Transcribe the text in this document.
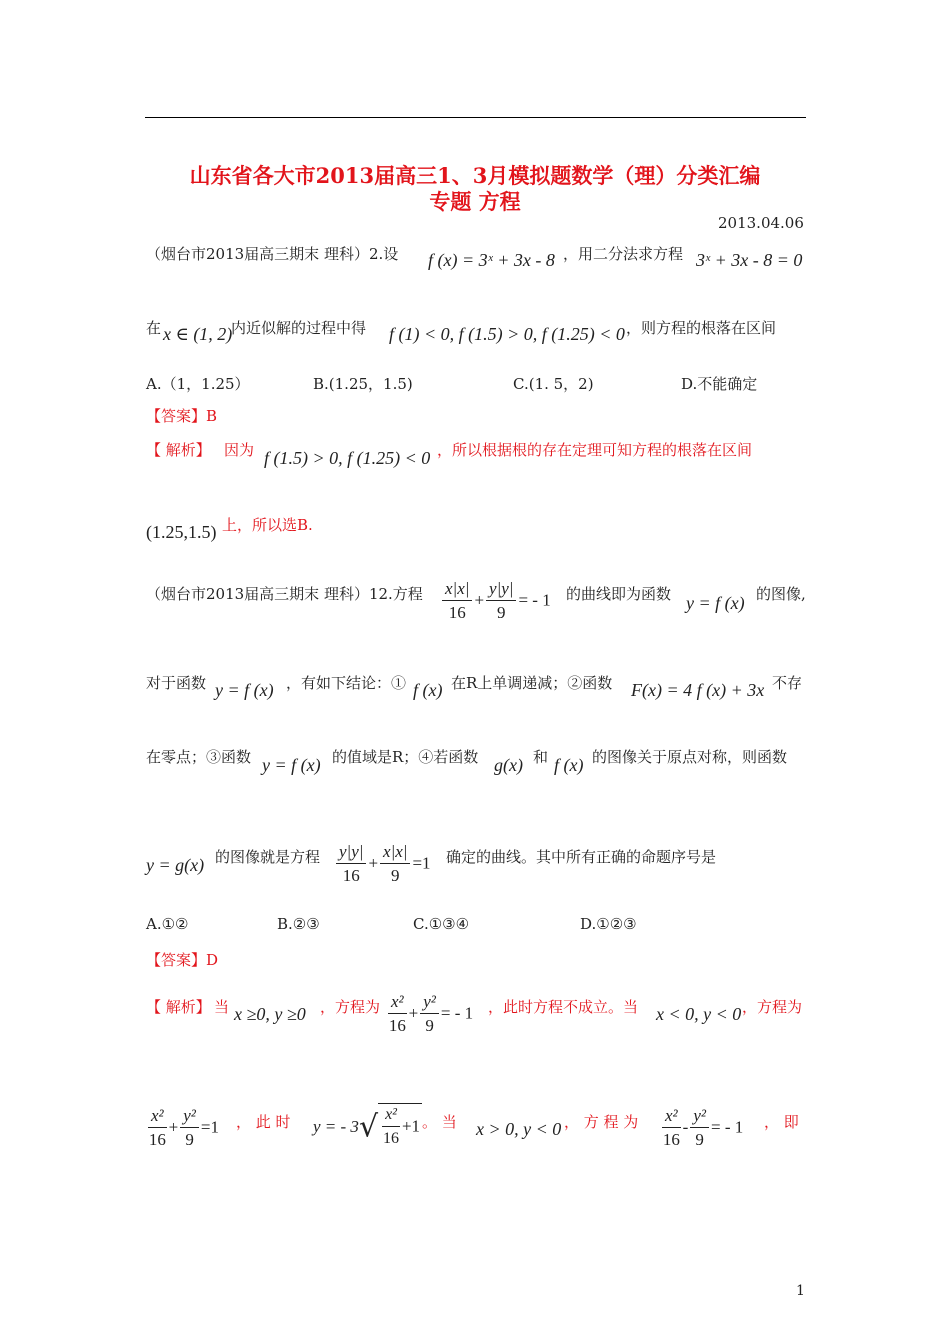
山东省各大市2013届高三1、3月模拟题数学（理）分类汇编
专题 方程
2013.04.06
（烟台市2013届高三期末 理科）2.设 f (x) = 3ˣ + 3x - 8 ，用二分法求方程 3ˣ + 3x - 8 = 0
在 x ∈ (1, 2)
内近似解的过程中得 f (1) < 0, f (1.5) > 0, f (1.25) < 0 ，则方程的根落在区间
A.（1，1.25）	B.(1.25，1.5)	C.(1. 5，2)	D.不能确定
【答案】B
【 解析】 因为 f (1.5) > 0, f (1.25) < 0 ，所以根据根的存在定理可知方程的根落在区间
(1.25,1.5) 上，所以选B.
（烟台市2013届高三期末 理科）12.方程 $\frac{x|x|}{16} + \frac{y|y|}{9}$ = - 1 的曲线即为函数 y = f (x) 的图像,
对于函数 y = f (x) ，有如下结论：① f (x) 在R上单调递减；②函数 F(x) = 4 f (x) + 3x 不存
在零点；③函数 y = f (x) 的值域是R；④若函数 g(x) 和 f (x) 的图像关于原点对称，则函数
y = g(x) 的图像就是方程 $\frac{y|y|}{16} + \frac{x|x|}{9} =1$ 确定的曲线。其中所有正确的命题序号是
A.①②	B.②③	C.①③④	D.①②③
【答案】D
【 解析】 当 x ≥0, y ≥0 ，方程为 $\frac{\text{x²}}{16} + \frac{\text{y²}}{9}$ = - 1 ，此时方程不成立。当 x < 0, y < 0 ，方程为
$\frac{\text{x²}}{16} + \frac{\text{y²}}{9} =1$ ， 此 时 y = - $3√ \frac{\text{x²}}{16} +1$ 。 当 x > 0, y < 0 ， 方 程 为 $\frac{\text{x²}}{16} - \frac{\text{y²}}{9}$ = - 1 ， 即
1
